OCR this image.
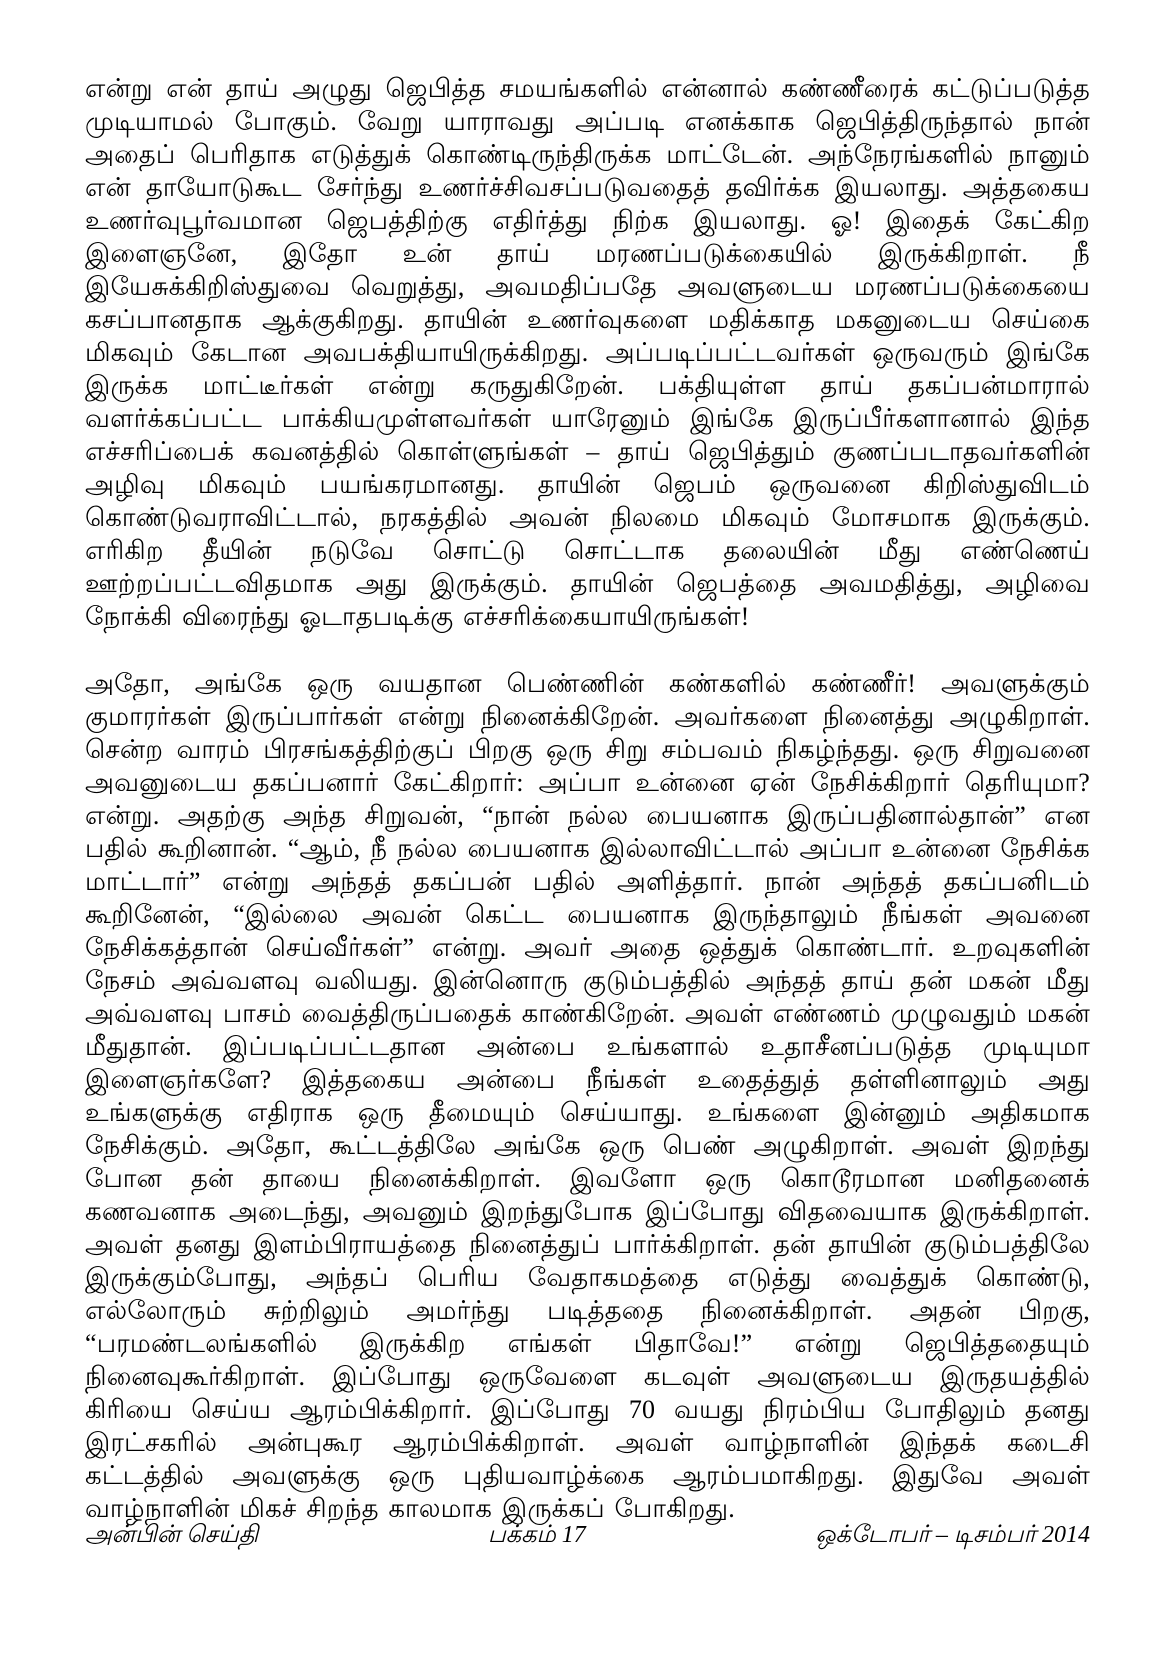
என்று என் தாய் அழுது ஜெபித்த சமயங்களில் என்னால் கண்ணீரைக் கட்டுப்படுத்த முடியாமல் போகும். வேறு யாராவது அப்படி எனக்காக ஜெபித்திருந்தால் நான் அதைப் பெரிதாக எடுத்துக் கொண்டிருந்திருக்க மாட்டேன். அந்நேரங்களில் நானும் என் தாயோடுகூட சேர்ந்து உணர்ச்சிவசப்படுவதைத் தவிர்க்க இயலாது. அத்தகைய உணர்வுபூர்வமான ஜெபத்திற்கு எதிர்த்து நிற்க இயலாது. ஓ! இதைக் கேட்கிற இளைஞனே, இதோ உன் தாய் மரணப்படுக்கையில் இருக்கிறாள். நீ இயேசுக்கிறிஸ்துவை வெறுத்து, அவமதிப்பதே அவளுடைய மரணப்படுக்கையை கசப்பானதாக ஆக்குகிறது. தாயின் உணர்வுகளை மதிக்காத மகனுடைய செய்கை மிகவும் கேடான அவபக்தியாயிருக்கிறது. அப்படிப்பட்டவர்கள் ஒருவரும் இங்கே இருக்க மாட்டீர்கள் என்று கருதுகிறேன். பக்தியுள்ள தாய் தகப்பன்மாரால் வளர்க்கப்பட்ட பாக்கியமுள்ளவர்கள் யாரேனும் இங்கே இருப்பீர்களானால் இந்த எச்சரிப்பைக் கவனத்தில் கொள்ளுங்கள் – தாய் ஜெபித்தும் குணப்படாதவர்களின் அழிவு மிகவும் பயங்கரமானது. தாயின் ஜெபம் ஒருவனை கிறிஸ்துவிடம் கொண்டுவராவிட்டால், நரகத்தில் அவன் நிலமை மிகவும் மோசமாக இருக்கும். எரிகிற தீயின் நடுவே சொட்டு சொட்டாக தலையின் மீது எண்ணெய் ஊற்றப்பட்டவிதமாக அது இருக்கும். தாயின் ஜெபத்தை அவமதித்து, அழிவை நோக்கி விரைந்து ஓடாதபடிக்கு எச்சரிக்கையாயிருங்கள்!

அதோ, அங்கே ஒரு வயதான பெண்ணின் கண்களில் கண்ணீர்! அவளுக்கும் குமாரர்கள் இருப்பார்கள் என்று நினைக்கிறேன். அவர்களை நினைத்து அழுகிறாள். சென்ற வாரம் பிரசங்கத்திற்குப் பிறகு ஒரு சிறு சம்பவம் நிகழ்ந்தது. ஒரு சிறுவனை அவனுடைய தகப்பனார் கேட்கிறார்: அப்பா உன்னை ஏன் நேசிக்கிறார் தெரியுமா? என்று. அதற்கு அந்த சிறுவன், “நான் நல்ல பையனாக இருப்பதினால்தான்” என பதில் கூறினான். “ஆம், நீ நல்ல பையனாக இல்லாவிட்டால் அப்பா உன்னை நேசிக்க மாட்டார்” என்று அந்தத் தகப்பன் பதில் அளித்தார். நான் அந்தத் தகப்பனிடம் கூறினேன், “இல்லை அவன் கெட்ட பையனாக இருந்தாலும் நீங்கள் அவனை நேசிக்கத்தான் செய்வீர்கள்” என்று. அவர் அதை ஒத்துக் கொண்டார். உறவுகளின் நேசம் அவ்வளவு வலியது. இன்னொரு குடும்பத்தில் அந்தத் தாய் தன் மகன் மீது அவ்வளவு பாசம் வைத்திருப்பதைக் காண்கிறேன். அவள் எண்ணம் முழுவதும் மகன் மீதுதான். இப்படிப்பட்டதான அன்பை உங்களால் உதாசீனப்படுத்த முடியுமா இளைஞர்களே? இத்தகைய அன்பை நீங்கள் உதைத்துத் தள்ளினாலும் அது உங்களுக்கு எதிராக ஒரு தீமையும் செய்யாது. உங்களை இன்னும் அதிகமாக நேசிக்கும். அதோ, கூட்டத்திலே அங்கே ஒரு பெண் அழுகிறாள். அவள் இறந்து போன தன் தாயை நினைக்கிறாள். இவளோ ஒரு கொடூரமான மனிதனைக் கணவனாக அடைந்து, அவனும் இறந்துபோக இப்போது விதவையாக இருக்கிறாள். அவள் தனது இளம்பிராயத்தை நினைத்துப் பார்க்கிறாள். தன் தாயின் குடும்பத்திலே இருக்கும்போது, அந்தப் பெரிய வேதாகமத்தை எடுத்து வைத்துக் கொண்டு, எல்லோரும் சுற்றிலும் அமர்ந்து படித்ததை நினைக்கிறாள். அதன் பிறகு, “பரமண்டலங்களில் இருக்கிற எங்கள் பிதாவே!” என்று ஜெபித்ததையும் நினைவுகூர்கிறாள். இப்போது ஒருவேளை கடவுள் அவளுடைய இருதயத்தில் கிரியை செய்ய ஆரம்பிக்கிறார். இப்போது 70 வயது நிரம்பிய போதிலும் தனது இரட்சகரில் அன்புகூர ஆரம்பிக்கிறாள். அவள் வாழ்நாளின் இந்தக் கடைசி கட்டத்தில் அவளுக்கு ஒரு புதியவாழ்க்கை ஆரம்பமாகிறது. இதுவே அவள் வாழ்நாளின் மிகச் சிறந்த காலமாக இருக்கப் போகிறது.

அன்பின் செய்தி	பக்கம் 17	ஒக்டோபர் – டிசம்பர் 2014
